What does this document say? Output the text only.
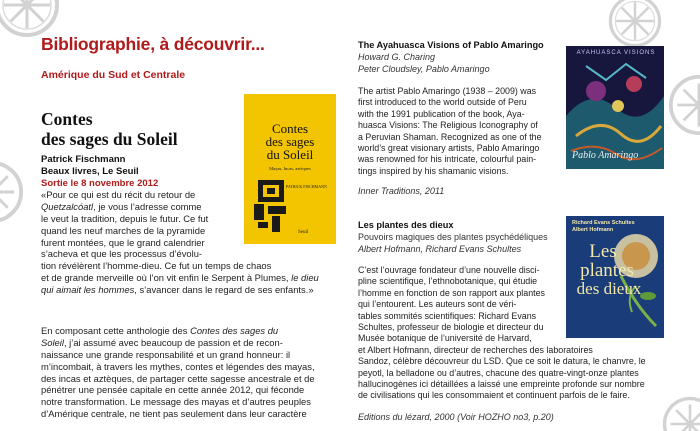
Bibliographie, à découvrir...
Amérique du Sud et Centrale
Contes
des sages du Soleil
Patrick Fischmann
Beaux livres, Le Seuil
Sortie le 8 novembre 2012
Contes
des sages
du Soleil
Mayas, Incas, aztèques
PATRICK FISCHMANN
Seuil
«Pour ce qui est du récit du retour de
Quetzalcóatl, je vous l’adresse comme
le veut la tradition, depuis le futur. Ce fut
quand les neuf marches de la pyramide
furent montées, que le grand calendrier
s’acheva et que les processus d’évolu-
tion révélèrent l’homme-dieu. Ce fut un temps de chaos
et de grande merveille où l’on vit enfin le Serpent à Plumes, le dieu
qui aimait les hommes, s’avancer dans le regard de ses enfants.»
En composant cette anthologie des Contes des sages du
Soleil, j’ai assumé avec beaucoup de passion et de recon-
naissance une grande responsabilité et un grand honneur: il
m’incombait, à travers les mythes, contes et légendes des mayas,
des incas et aztèques, de partager cette sagesse ancestrale et de
pénétrer une pensée capitale en cette année 2012, qui féconde
notre transformation. Le message des mayas et d’autres peuples
d’Amérique centrale, ne tient pas seulement dans leur caractère
The Ayahuasca Visions of Pablo Amaringo
Howard G. Charing
Peter Cloudsley, Pablo Amaringo
The artist Pablo Amaringo (1938 – 2009) was
first introduced to the world outside of Peru
with the 1991 publication of the book, Aya-
huasca Visions: The Religious Iconography of
a Peruvian Shaman. Recognized as one of the
world’s great visionary artists, Pablo Amaringo
was renowned for his intricate, colourful pain-
tings inspired by his shamanic visions.
Inner Traditions, 2011
AYAHUASCA VISIONS
Pablo Amaringo
Les plantes des dieux
Pouvoirs magiques des plantes psychédéliques
Albert Hofmann, Richard Evans Schultes
C’est l’ouvrage fondateur d’une nouvelle disci-
pline scientifique, l’ethnobotanique, qui étudie
l’homme en fonction de son rapport aux plantes
qui l’entourent. Les auteurs sont de véri-
tables sommités scientifiques: Richard Evans
Schultes, professeur de biologie et directeur du
Musée botanique de l’université de Harvard,
et Albert Hofmann, directeur de recherches des laboratoires
Sandoz, célèbre découvreur du LSD. Que ce soit le datura, le chanvre, le
peyotl, la belladone ou d’autres, chacune des quatre-vingt-onze plantes
hallucinogènes ici détaillées a laissé une empreinte profonde sur nombre
de civilisations qui les consommaient et continuent parfois de le faire.
Editions du lézard, 2000 (Voir HOZHO no3, p.20)
Richard Evans Schultes
Albert Hofmann
Les
plantes
des dieux
